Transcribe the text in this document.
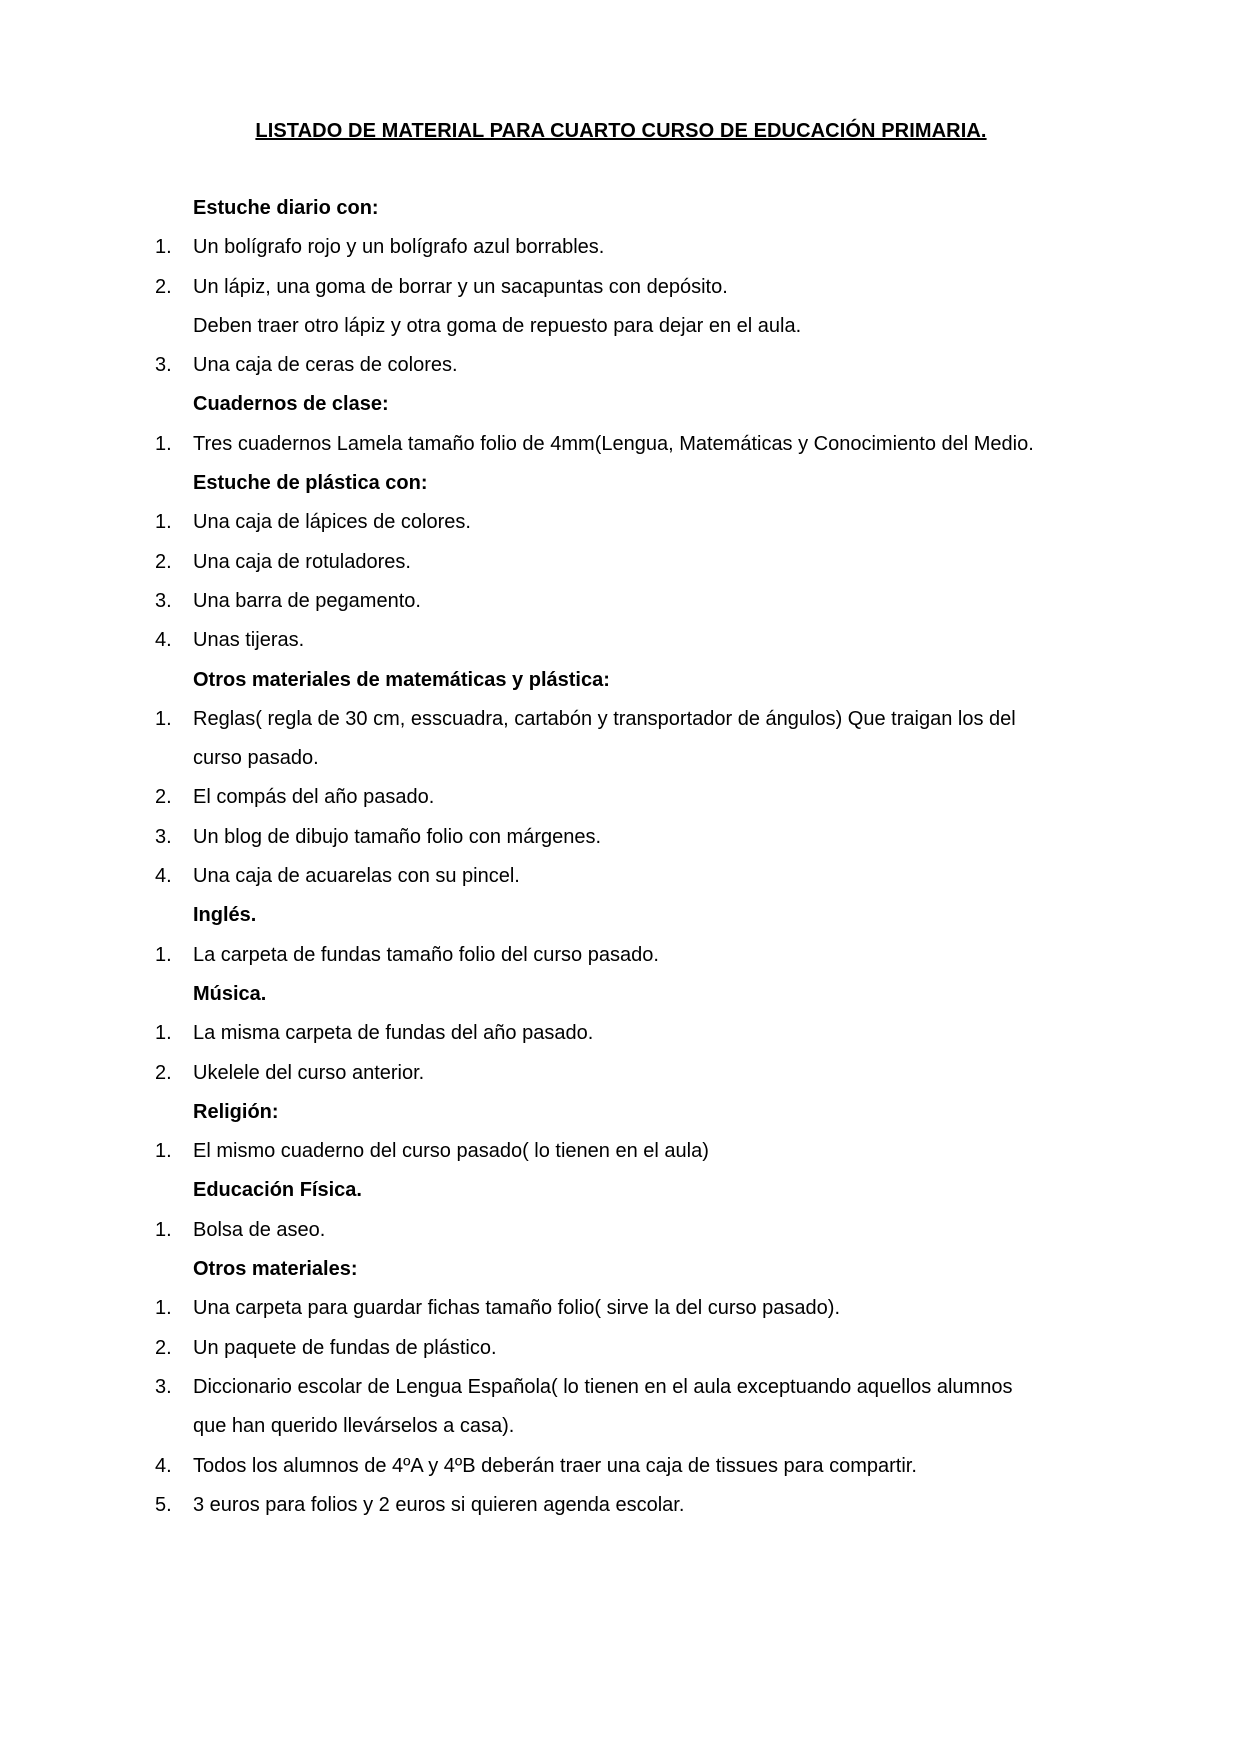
LISTADO DE MATERIAL PARA CUARTO CURSO DE EDUCACIÓN PRIMARIA.
Estuche diario con:
1. Un bolígrafo rojo y un bolígrafo azul borrables.
2. Un lápiz, una goma de borrar y un sacapuntas con depósito.
Deben traer otro lápiz y otra goma de repuesto para dejar en el aula.
3. Una caja de ceras de colores.
Cuadernos de clase:
1. Tres cuadernos Lamela tamaño folio de 4mm(Lengua, Matemáticas y Conocimiento del Medio.
Estuche de plástica con:
1. Una caja de lápices de colores.
2. Una caja de rotuladores.
3. Una barra de pegamento.
4. Unas tijeras.
Otros materiales de matemáticas y plástica:
1. Reglas( regla de 30 cm, esscuadra, cartabón y transportador de ángulos) Que traigan los del
curso pasado.
2. El compás del año pasado.
3. Un blog de dibujo tamaño folio con márgenes.
4. Una caja de acuarelas con su pincel.
Inglés.
1. La carpeta de fundas tamaño folio del curso pasado.
Música.
1. La misma carpeta de fundas del año pasado.
2. Ukelele del curso anterior.
Religión:
1. El mismo cuaderno del curso pasado( lo tienen en el aula)
Educación Física.
1. Bolsa de aseo.
Otros materiales:
1. Una carpeta para guardar fichas tamaño folio( sirve la del curso pasado).
2. Un paquete de fundas de plástico.
3. Diccionario escolar de Lengua Española( lo tienen en el aula exceptuando aquellos alumnos
que han querido llevárselos a casa).
4. Todos los alumnos de 4ºA y 4ºB deberán traer una caja de tissues para compartir.
5. 3 euros para folios y 2 euros si quieren agenda escolar.
